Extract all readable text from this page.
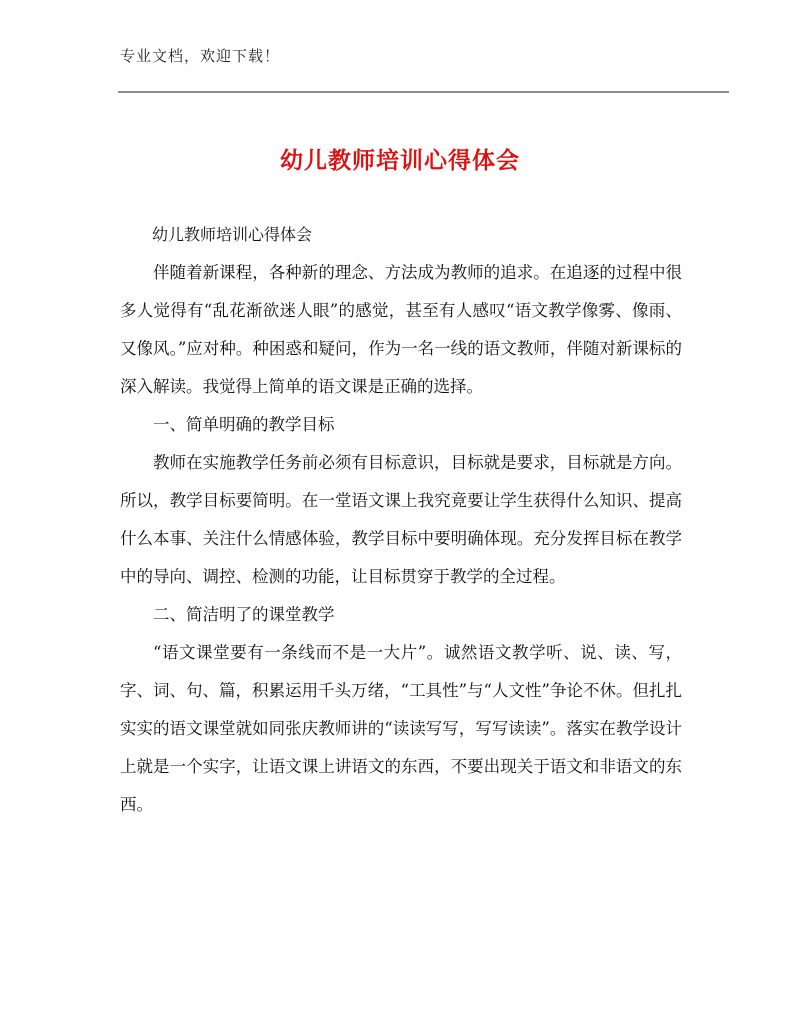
专业文档，欢迎下载！
幼儿教师培训心得体会

幼儿教师培训心得体会

伴随着新课程，各种新的理念、方法成为教师的追求。在追逐的过程中很多人觉得有“乱花渐欲迷人眼”的感觉，甚至有人感叹“语文教学像雾、像雨、又像风。”应对种。种困惑和疑问，作为一名一线的语文教师，伴随对新课标的深入解读。我觉得上简单的语文课是正确的选择。

一、简单明确的教学目标

教师在实施教学任务前必须有目标意识，目标就是要求，目标就是方向。所以，教学目标要简明。在一堂语文课上我究竟要让学生获得什么知识、提高什么本事、关注什么情感体验，教学目标中要明确体现。充分发挥目标在教学中的导向、调控、检测的功能，让目标贯穿于教学的全过程。

二、简洁明了的课堂教学

“语文课堂要有一条线而不是一大片”。诚然语文教学听、说、读、写，字、词、句、篇，积累运用千头万绪，“工具性”与“人文性”争论不休。但扎扎实实的语文课堂就如同张庆教师讲的“读读写写，写写读读”。落实在教学设计上就是一个实字，让语文课上讲语文的东西，不要出现关于语文和非语文的东西。
